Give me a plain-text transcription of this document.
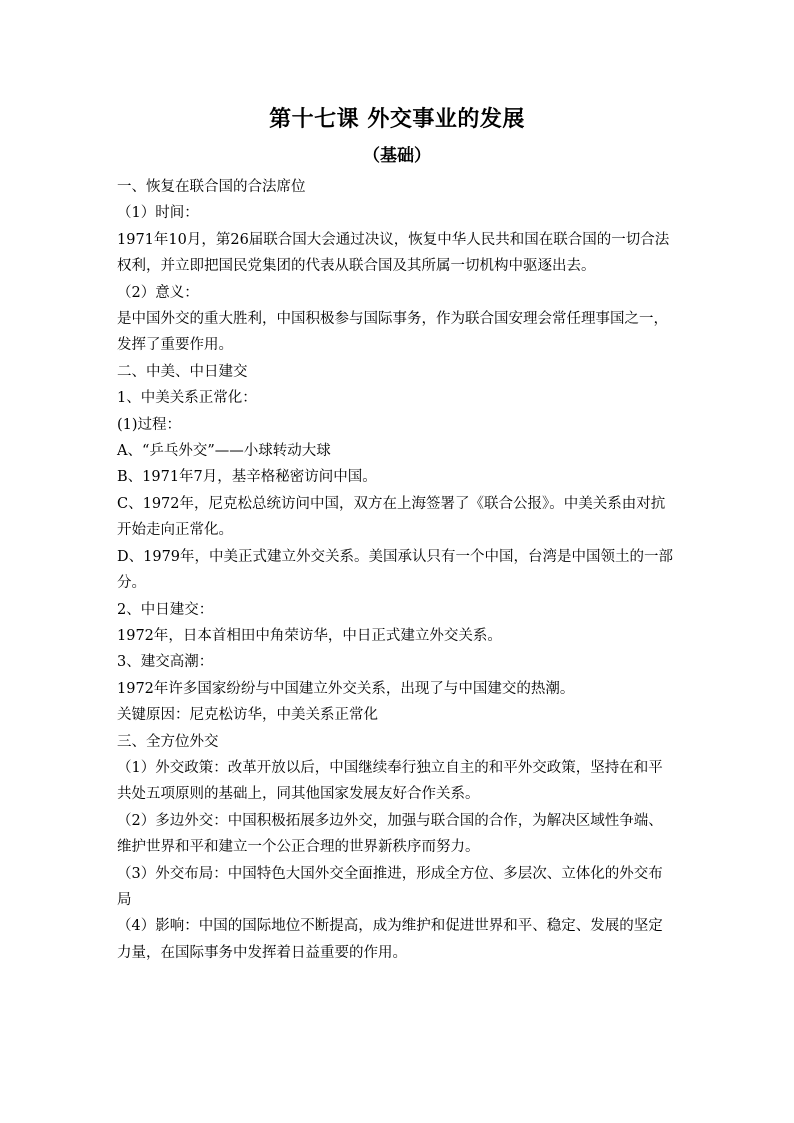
第十七课 外交事业的发展
（基础）

一、恢复在联合国的合法席位

（1）时间：

1971年10月，第26届联合国大会通过决议，恢复中华人民共和国在联合国的一切合法权利，并立即把国民党集团的代表从联合国及其所属一切机构中驱逐出去。

（2）意义：

是中国外交的重大胜利，中国积极参与国际事务，作为联合国安理会常任理事国之一，发挥了重要作用。

二、中美、中日建交

1、中美关系正常化：

(1)过程：

A、“乒乓外交”——小球转动大球

B、1971年7月，基辛格秘密访问中国。

C、1972年，尼克松总统访问中国，双方在上海签署了《联合公报》。中美关系由对抗开始走向正常化。

D、1979年，中美正式建立外交关系。美国承认只有一个中国，台湾是中国领土的一部分。

2、中日建交：

1972年，日本首相田中角荣访华，中日正式建立外交关系。

3、建交高潮：

1972年许多国家纷纷与中国建立外交关系，出现了与中国建交的热潮。

关键原因：尼克松访华，中美关系正常化

三、全方位外交

（1）外交政策：改革开放以后，中国继续奉行独立自主的和平外交政策，坚持在和平共处五项原则的基础上，同其他国家发展友好合作关系。

（2）多边外交：中国积极拓展多边外交，加强与联合国的合作，为解决区域性争端、维护世界和平和建立一个公正合理的世界新秩序而努力。

（3）外交布局：中国特色大国外交全面推进，形成全方位、多层次、立体化的外交布局

（4）影响：中国的国际地位不断提高，成为维护和促进世界和平、稳定、发展的坚定力量，在国际事务中发挥着日益重要的作用。
